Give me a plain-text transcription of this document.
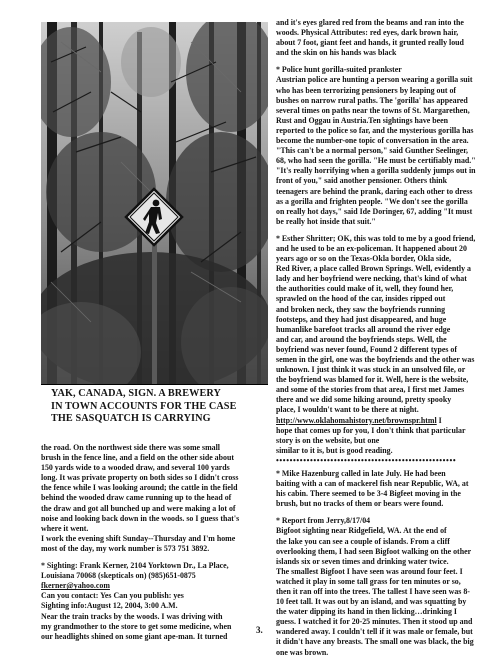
YAK, CANADA, SIGN. A BREWERY
IN TOWN ACCOUNTS FOR THE CASE
THE SASQUATCH IS CARRYING
the road. On the northwest side there was some small
brush in the fence line, and a field on the other side about
150 yards wide to a wooded draw, and several 100 yards
long. It was private property on both sides so I didn't cross
the fence while I was looking around; the cattle in the field
behind the wooded draw came running up to the head of
the draw and got all bunched up and were making a lot of
noise and looking back down in the woods. so I guess that's
where it went.
I work the evening shift Sunday--Thursday and I'm home
most of the day, my work number is 573 751 3892.
* Sighting: Frank Kerner, 2104 Yorktown Dr., La Place,
Louisiana 70068 (skepticals on) (985)651-0875
fkerner@yahoo.com
Can you contact: Yes Can you publish: yes
Sighting info:August 12, 2004, 3:00 A.M.
Near the train tracks by the woods. I was driving with
my grandmother to the store to get some medicine, when
our headlights shined on some giant ape-man. It turned
and it's eyes glared red from the beams and ran into the
woods. Physical Attributes: red eyes, dark brown hair,
about 7 foot, giant feet and hands, it grunted really loud
and the skin on his hands was black
* Police hunt gorilla-suited prankster
Austrian police are hunting a person wearing a gorilla suit
who has been terrorizing pensioners by leaping out of
bushes on narrow rural paths. The 'gorilla' has appeared
several times on paths near the towns of St. Margarethen,
Rust and Oggau in Austria.Ten sightings have been
reported to the police so far, and the mysterious gorilla has
become the number-one topic of conversation in the area.
"This can't be a normal person," said Gunther Seelinger,
68, who had seen the gorilla. "He must be certifiably mad."
"It's really horrifying when a gorilla suddenly jumps out in
front of you," said another pensioner. Others think
teenagers are behind the prank, daring each other to dress
as a gorilla and frighten people. "We don't see the gorilla
on really hot days," said Ide Doringer, 67, adding "It must
be really hot inside that suit."
* Esther Shritter; OK, this was told to me by a good friend,
and he used to be an ex-policeman. It happened about 20
years ago or so on the Texas-Okla border, Okla side,
Red River, a place called Brown Springs. Well, evidently a
lady and her boyfriend were necking, that's kind of what
the authorities could make of it, well, they found her,
sprawled on the hood of the car, insides ripped out
and broken neck, they saw the boyfriends running
footsteps, and they had just disappeared, and huge
humanlike barefoot tracks all around the river edge
and car, and around the boyfriends steps. Well, the
boyfriend was never found, Found 2 different types of
semen in the girl, one was the boyfriends and the other was
unknown. I just think it was stuck in an unsolved file, or
the boyfriend was blamed for it. Well, here is the website,
and some of the stories from that area, I first met James
there and we did some hiking around, pretty spooky
place, I wouldn't want to be there at night.
http://www.oklahomahistory.net/brownspr.html I
hope that comes up for you, I don't think that particular
story is on the website, but one
similar to it is, but is good reading.
•••••••••••••••••••••••••••••••••••••••••••••••••••••
* Mike Hazenburg called in late July. He had been
baiting with a can of mackerel fish near Republic, WA, at
his cabin. There seemed to be 3-4 Bigfeet moving in the
brush, but no tracks of them or bears were found.
* Report from Jerry,8/17/04
Bigfoot sighting near Ridgefield, WA. At the end of
the lake you can see a couple of islands. From a cliff
overlooking them, I had seen Bigfoot walking on the other
islands six or seven times and drinking water twice.
The smallest Bigfoot I have seen was around four feet. I
watched it play in some tall grass for ten minutes or so,
then it ran off into the trees. The tallest I have seen was 8-
10 feet tall. It was out by an island, and was squatting by
the water dipping its hand in then licking…drinking I
guess. I watched it for 20-25 minutes. Then it stood up and
wandered away. I couldn't tell if it was male or female, but
it didn't have any breasts. The small one was black, the big
one was brown.
3.
